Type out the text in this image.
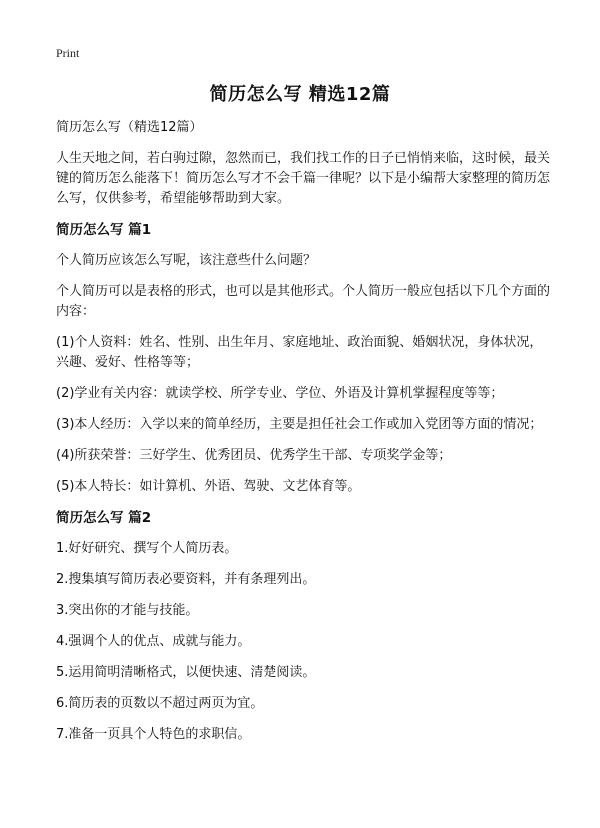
Print
简历怎么写 精选12篇

简历怎么写（精选12篇）

人生天地之间，若白驹过隙，忽然而已，我们找工作的日子已悄悄来临，这时候，最关键的简历怎么能落下！简历怎么写才不会千篇一律呢？以下是小编帮大家整理的简历怎么写，仅供参考，希望能够帮助到大家。

简历怎么写 篇1

个人简历应该怎么写呢，该注意些什么问题？

个人简历可以是表格的形式，也可以是其他形式。个人简历一般应包括以下几个方面的内容：

(1)个人资料：姓名、性别、出生年月、家庭地址、政治面貌、婚姻状况，身体状况，兴趣、爱好、性格等等；

(2)学业有关内容：就读学校、所学专业、学位、外语及计算机掌握程度等等；

(3)本人经历：入学以来的简单经历，主要是担任社会工作或加入党团等方面的情况；

(4)所获荣誉：三好学生、优秀团员、优秀学生干部、专项奖学金等；

(5)本人特长：如计算机、外语、驾驶、文艺体育等。

简历怎么写 篇2

1.好好研究、撰写个人简历表。

2.搜集填写简历表必要资料，并有条理列出。

3.突出你的才能与技能。

4.强调个人的优点、成就与能力。

5.运用简明清晰格式，以便快速、清楚阅读。

6.简历表的页数以不超过两页为宜。

7.准备一页具个人特色的求职信。
